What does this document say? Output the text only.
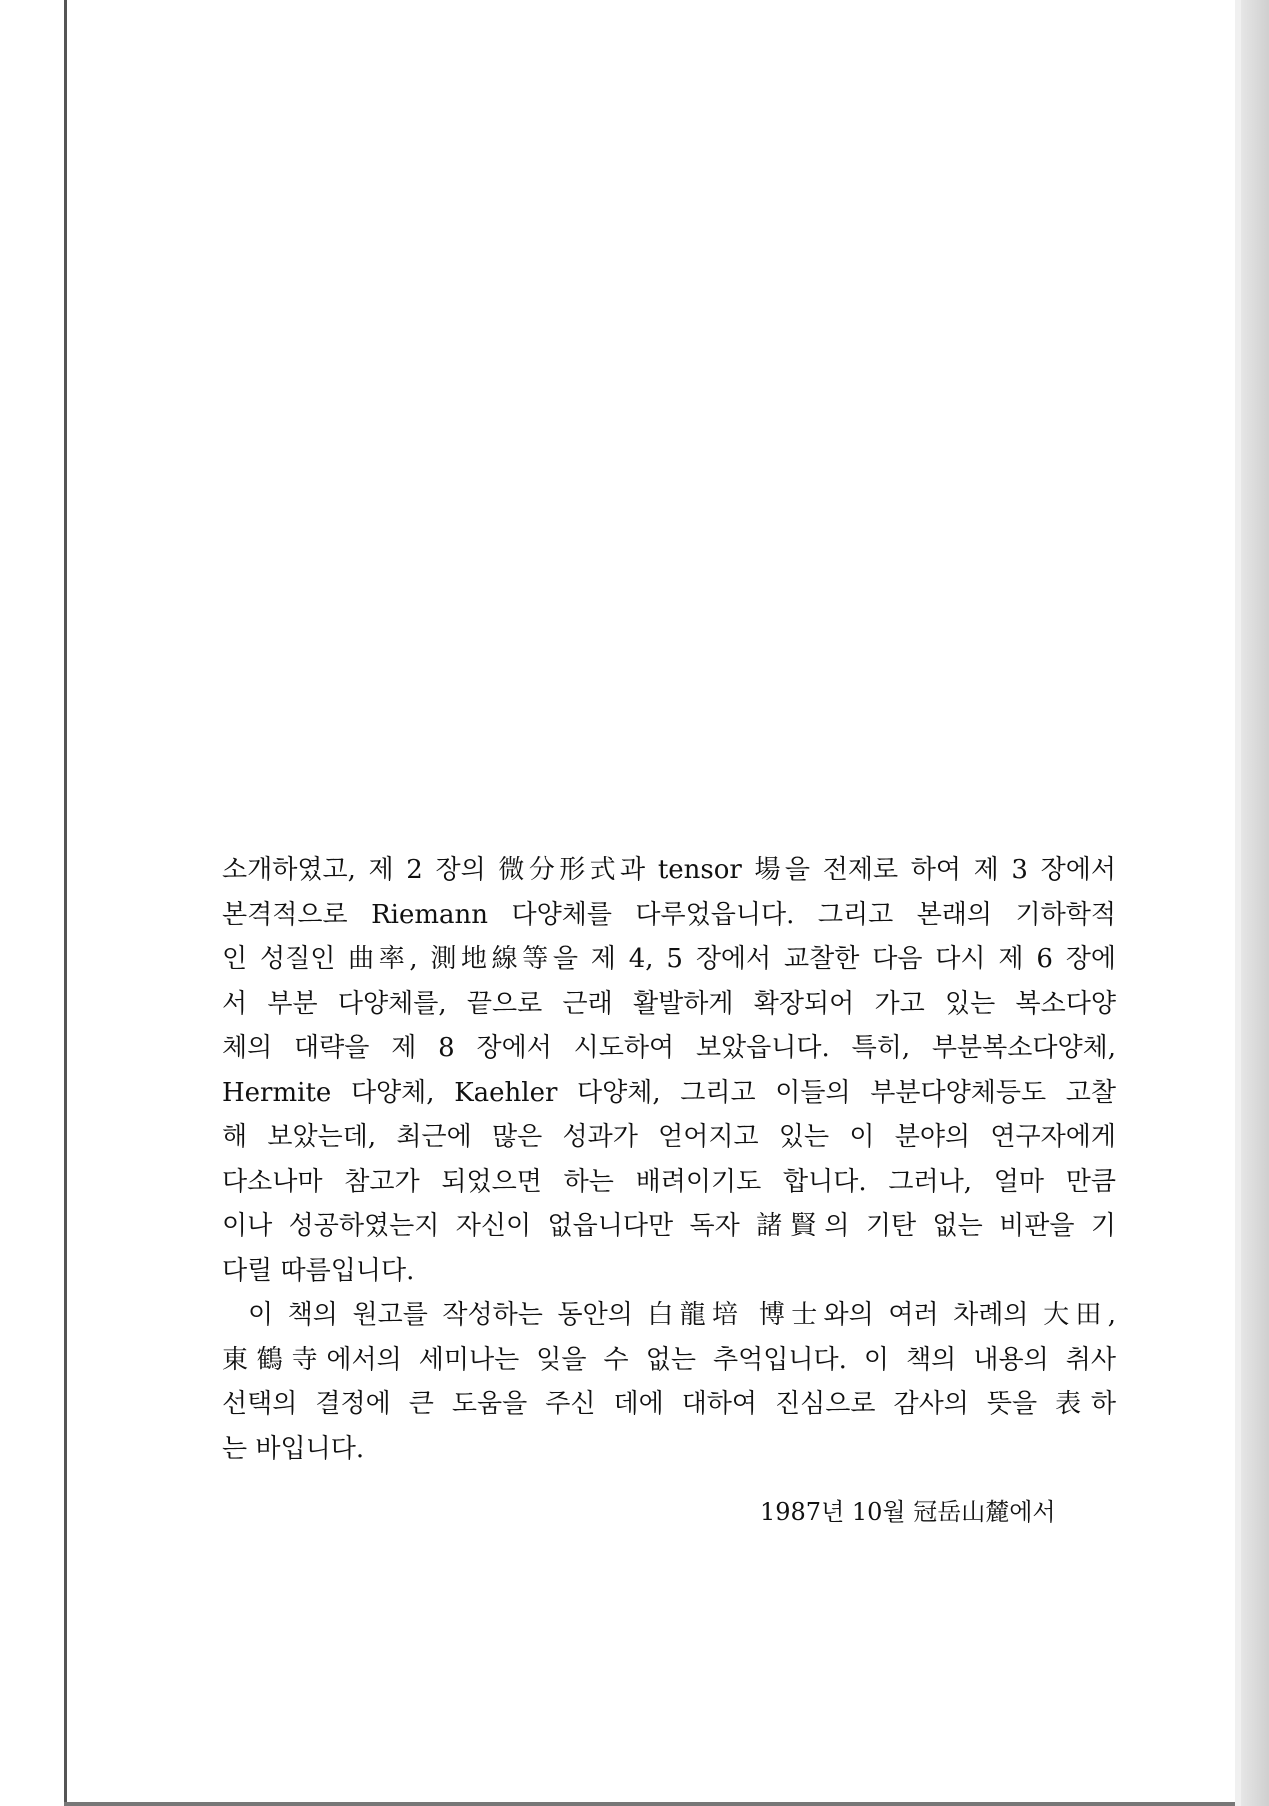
소개하였고, 제 2 장의 微分形式과 tensor 場을 전제로 하여 제 3 장에서
본격적으로 Riemann 다양체를 다루었읍니다. 그리고 본래의 기하학적
인 성질인 曲率, 測地線等을 제 4, 5 장에서 교찰한 다음 다시 제 6 장에
서 부분 다양체를, 끝으로 근래 활발하게 확장되어 가고 있는 복소다양
체의 대략을 제 8 장에서 시도하여 보았읍니다. 특히, 부분복소다양체,
Hermite 다양체, Kaehler 다양체, 그리고 이들의 부분다양체등도 고찰
해 보았는데, 최근에 많은 성과가 얻어지고 있는 이 분야의 연구자에게
다소나마 참고가 되었으면 하는 배려이기도 합니다. 그러나, 얼마 만큼
이나 성공하였는지 자신이 없읍니다만 독자 諸賢의 기탄 없는 비판을 기
다릴 따름입니다.
이 책의 원고를 작성하는 동안의 白龍培 博士와의 여러 차례의 大田,
東鶴寺에서의 세미나는 잊을 수 없는 추억입니다. 이 책의 내용의 취사
선택의 결정에 큰 도움을 주신 데에 대하여 진심으로 감사의 뜻을 表하
는 바입니다.
1987년 10월 冠岳山麓에서
